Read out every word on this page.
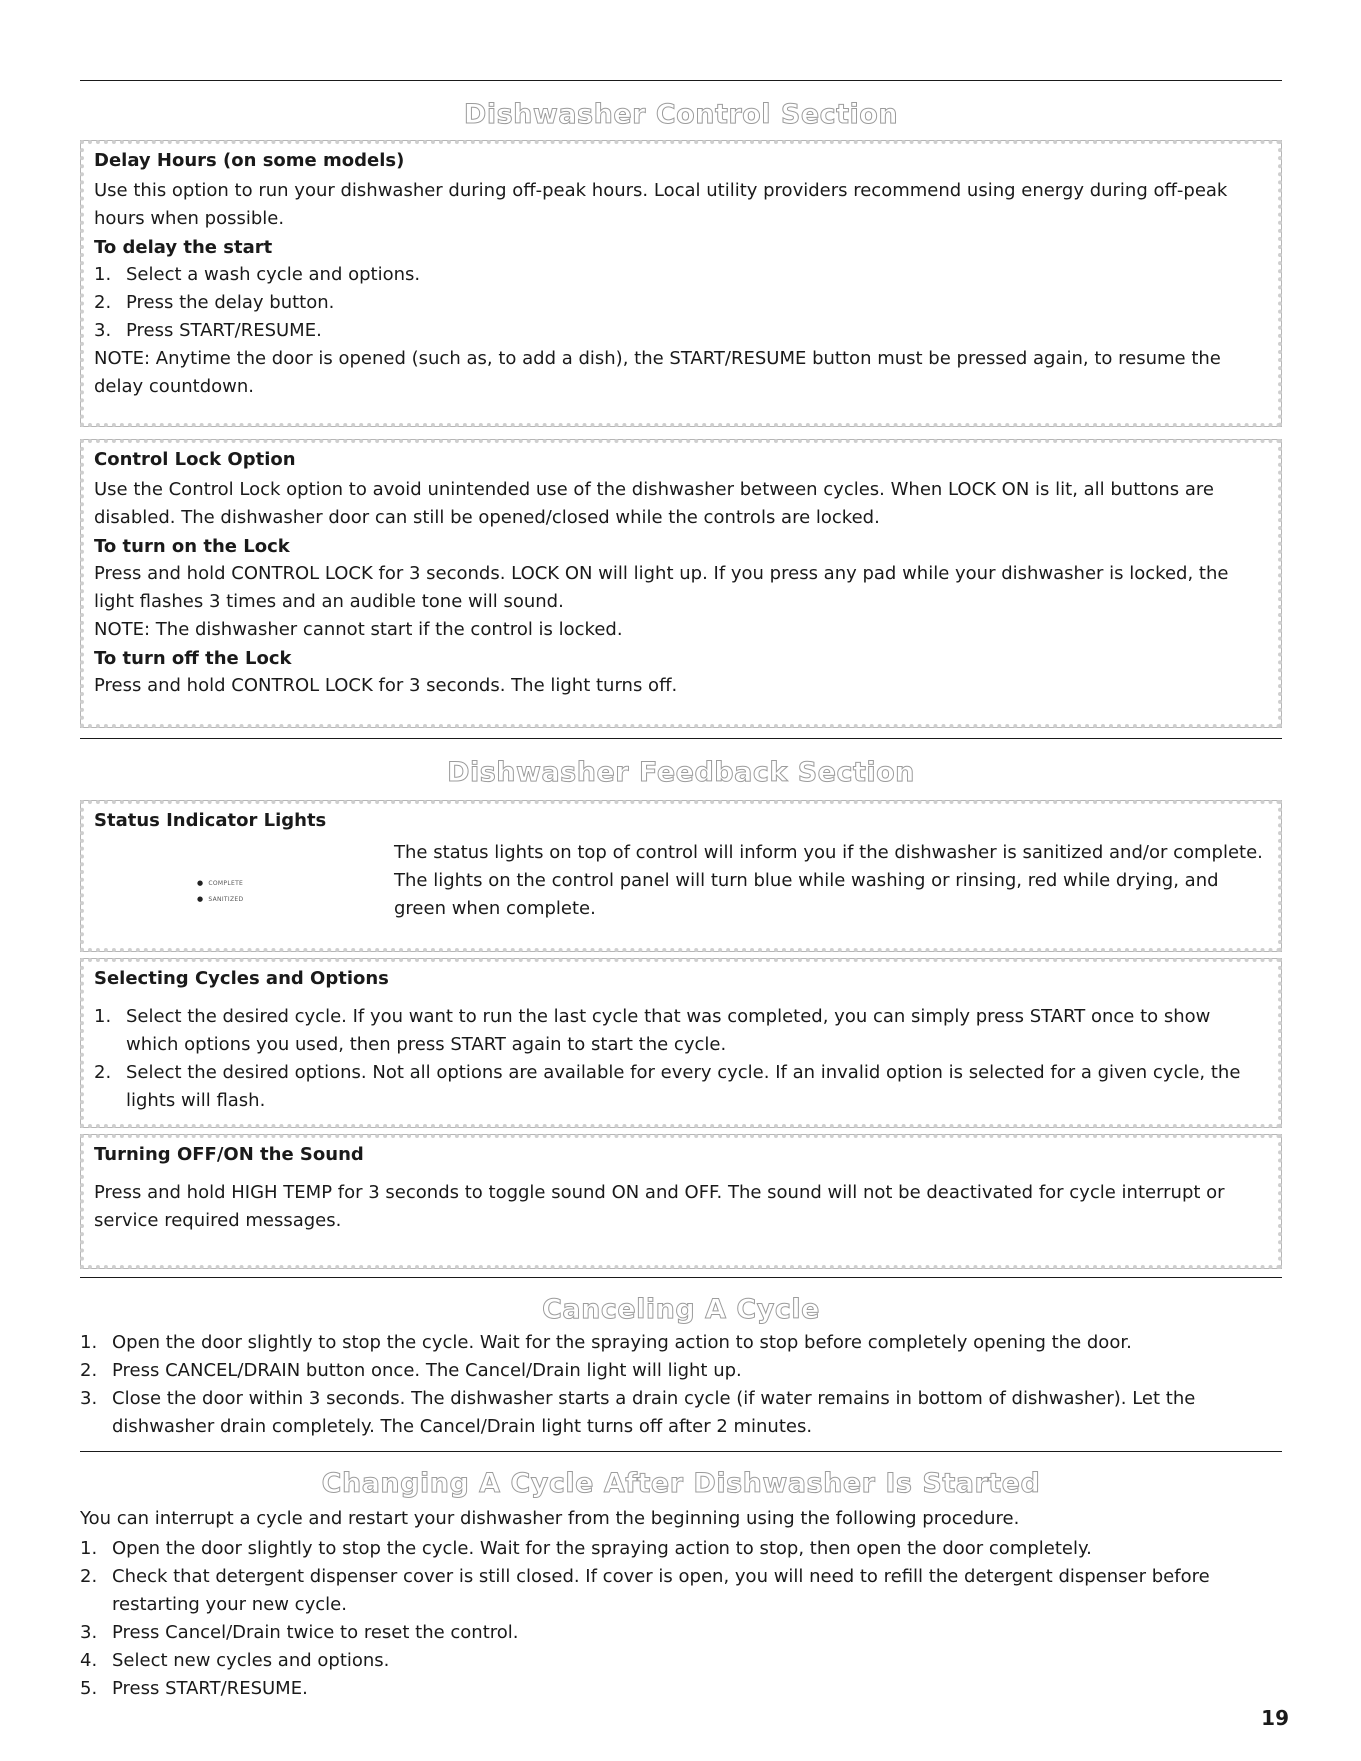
Dishwasher Control Section
Delay Hours (on some models)

Use this option to run your dishwasher during off-peak hours. Local utility providers recommend using energy during off-peak hours when possible.

To delay the start
1. Select a wash cycle and options.
2. Press the delay button.
3. Press START/RESUME.

NOTE: Anytime the door is opened (such as, to add a dish), the START/RESUME button must be pressed again, to resume the delay countdown.

Control Lock Option

Use the Control Lock option to avoid unintended use of the dishwasher between cycles. When LOCK ON is lit, all buttons are disabled. The dishwasher door can still be opened/closed while the controls are locked.

To turn on the Lock

Press and hold CONTROL LOCK for 3 seconds. LOCK ON will light up. If you press any pad while your dishwasher is locked, the light flashes 3 times and an audible tone will sound.

NOTE: The dishwasher cannot start if the control is locked.

To turn off the Lock

Press and hold CONTROL LOCK for 3 seconds. The light turns off.

Dishwasher Feedback Section
Status Indicator Lights
● COMPLETE
● SANITIZED

The status lights on top of control will inform you if the dishwasher is sanitized and/or complete. The lights on the control panel will turn blue while washing or rinsing, red while drying, and green when complete.

Selecting Cycles and Options
1. Select the desired cycle. If you want to run the last cycle that was completed, you can simply press START once to show which options you used, then press START again to start the cycle.
2. Select the desired options. Not all options are available for every cycle. If an invalid option is selected for a given cycle, the lights will flash.
Turning OFF/ON the Sound

Press and hold HIGH TEMP for 3 seconds to toggle sound ON and OFF. The sound will not be deactivated for cycle interrupt or service required messages.

Canceling A Cycle
1. Open the door slightly to stop the cycle. Wait for the spraying action to stop before completely opening the door.
2. Press CANCEL/DRAIN button once. The Cancel/Drain light will light up.
3. Close the door within 3 seconds. The dishwasher starts a drain cycle (if water remains in bottom of dishwasher). Let the dishwasher drain completely. The Cancel/Drain light turns off after 2 minutes.
Changing A Cycle After Dishwasher Is Started

You can interrupt a cycle and restart your dishwasher from the beginning using the following procedure.

1. Open the door slightly to stop the cycle. Wait for the spraying action to stop, then open the door completely.
2. Check that detergent dispenser cover is still closed. If cover is open, you will need to refill the detergent dispenser before restarting your new cycle.
3. Press Cancel/Drain twice to reset the control.
4. Select new cycles and options.
5. Press START/RESUME.
19
